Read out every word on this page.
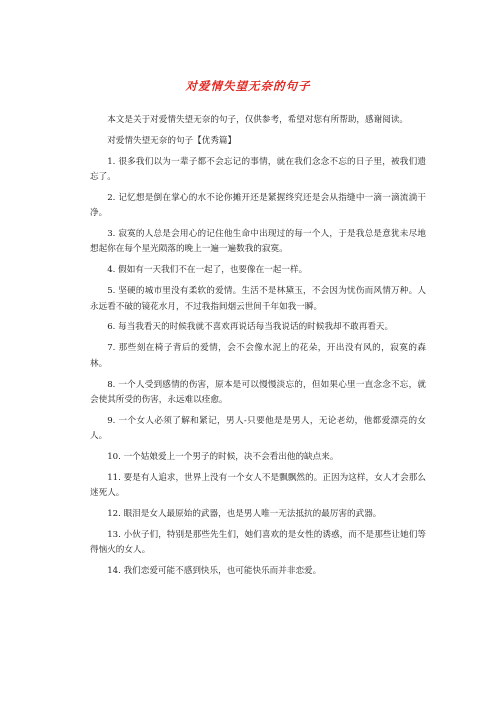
对爱情失望无奈的句子

本文是关于对爱情失望无奈的句子，仅供参考，希望对您有所帮助，感谢阅读。

对爱情失望无奈的句子【优秀篇】

1. 很多我们以为一辈子都不会忘记的事情，就在我们念念不忘的日子里，被我们遗忘了。

2. 记忆想是倒在掌心的水不论你摊开还是紧握终究还是会从指缝中一滴一滴流淌干净。

3. 寂寞的人总是会用心的记住他生命中出现过的每一个人，于是我总是意犹未尽地想起你在每个星光陨落的晚上一遍一遍数我的寂寞。

4. 假如有一天我们不在一起了，也要像在一起一样。

5. 坚硬的城市里没有柔软的爱情。生活不是林黛玉，不会因为忧伤而风情万种。人永远看不破的镜花水月，不过我指间烟云世间千年如我一瞬。

6. 每当我看天的时候我就不喜欢再说话每当我说话的时候我却不敢再看天。

7. 那些刻在椅子背后的爱情，会不会像水泥上的花朵，开出没有风的，寂寞的森林。

8. 一个人受到感情的伤害，原本是可以慢慢淡忘的，但如果心里一直念念不忘，就会使其所受的伤害，永远难以痊愈。

9. 一个女人必须了解和紧记，男人-只要他是是男人，无论老幼，他都爱漂亮的女人。

10. 一个姑娘爱上一个男子的时候，决不会看出他的缺点来。

11. 要是有人追求，世界上没有一个女人不是飘飘然的。正因为这样，女人才会那么迷死人。

12. 眼泪是女人最原始的武器，也是男人唯一无法抵抗的最厉害的武器。

13. 小伙子们，特别是那些先生们，她们喜欢的是女性的诱惑，而不是那些让她们等得恼火的女人。

14. 我们恋爱可能不感到快乐，也可能快乐而并非恋爱。
